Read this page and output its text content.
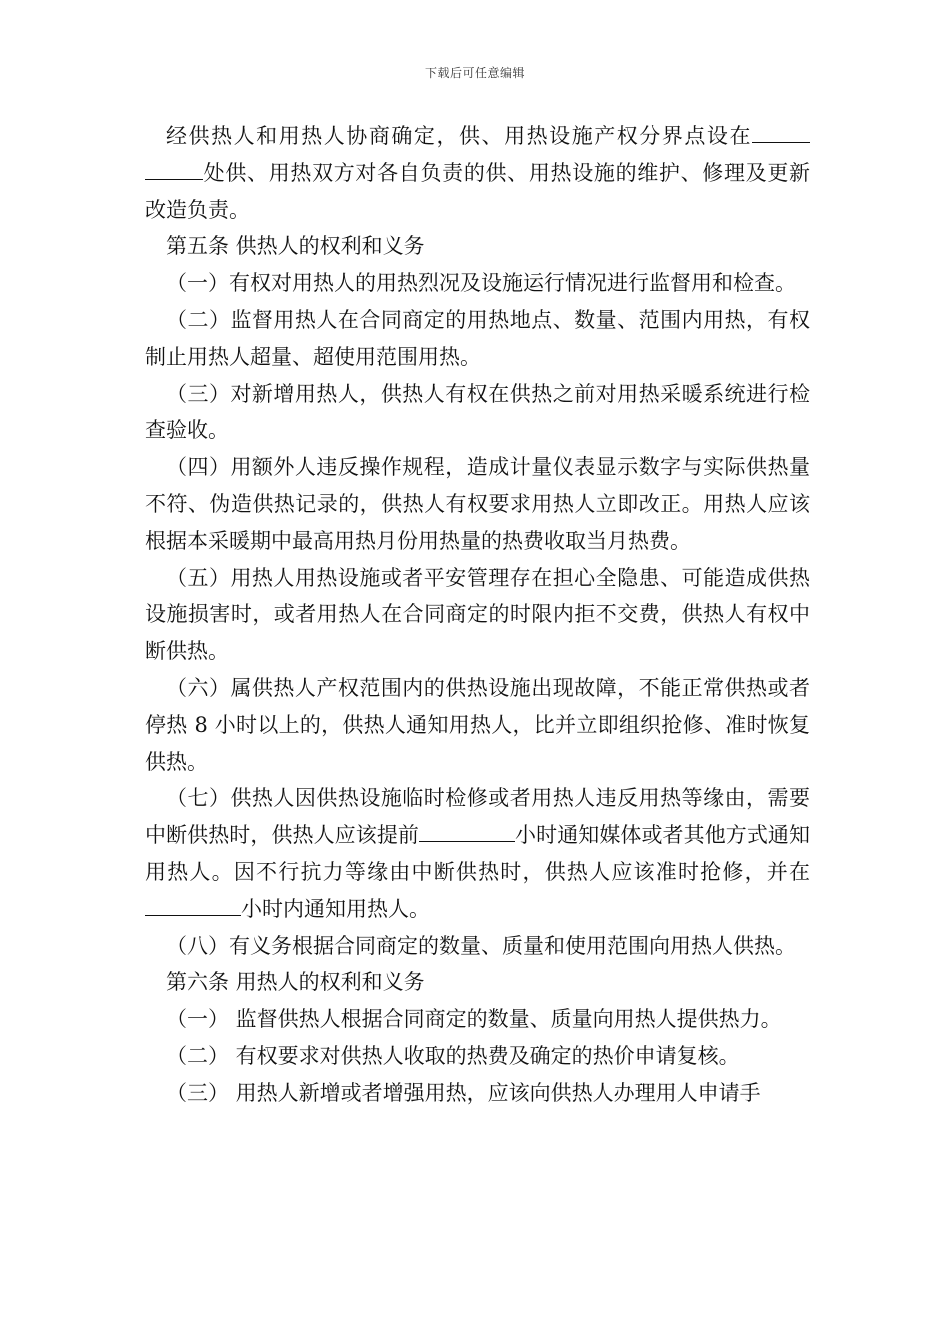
下载后可任意编辑

经供热人和用热人协商确定，供、用热设施产权分界点设在处供、用热双方对各自负责的供、用热设施的维护、修理及更新改造负责。

第五条 供热人的权利和义务

（一）有权对用热人的用热烈况及设施运行情况进行监督用和检查。

（二）监督用热人在合同商定的用热地点、数量、范围内用热，有权制止用热人超量、超使用范围用热。

（三）对新增用热人，供热人有权在供热之前对用热采暖系统进行检查验收。

（四）用额外人违反操作规程，造成计量仪表显示数字与实际供热量不符、伪造供热记录的，供热人有权要求用热人立即改正。用热人应该根据本采暖期中最高用热月份用热量的热费收取当月热费。

（五）用热人用热设施或者平安管理存在担心全隐患、可能造成供热设施损害时，或者用热人在合同商定的时限内拒不交费，供热人有权中断供热。

（六）属供热人产权范围内的供热设施出现故障，不能正常供热或者停热 8 小时以上的，供热人通知用热人，比并立即组织抢修、准时恢复供热。

（七）供热人因供热设施临时检修或者用热人违反用热等缘由，需要中断供热时，供热人应该提前	小时通知媒体或者其他方式通知用热人。因不行抗力等缘由中断供热时，供热人应该准时抢修，并在小时内通知用热人。

（八）有义务根据合同商定的数量、质量和使用范围向用热人供热。

第六条 用热人的权利和义务

（一） 监督供热人根据合同商定的数量、质量向用热人提供热力。

（二） 有权要求对供热人收取的热费及确定的热价申请复核。

（三） 用热人新增或者增强用热，应该向供热人办理用人申请手
